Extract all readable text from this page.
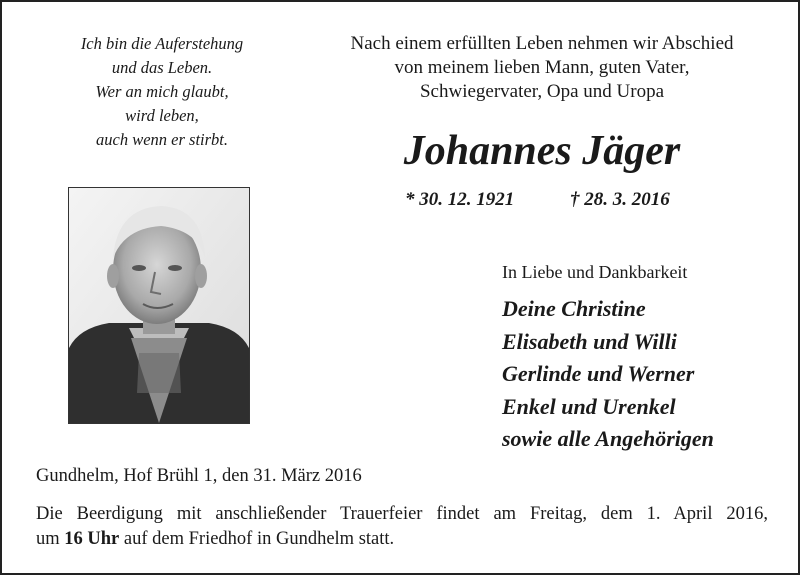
Ich bin die Auferstehung
und das Leben.
Wer an mich glaubt,
wird leben,
auch wenn er stirbt.
Nach einem erfüllten Leben nehmen wir Abschied
von meinem lieben Mann, guten Vater,
Schwiegervater, Opa und Uropa
Johannes Jäger
* 30. 12. 1921	† 28. 3. 2016
In Liebe und Dankbarkeit
Deine Christine
Elisabeth und Willi
Gerlinde und Werner
Enkel und Urenkel
sowie alle Angehörigen
Gundhelm, Hof Brühl 1, den 31. März 2016
Die Beerdigung mit anschließender Trauerfeier findet am Freitag, dem 1. April 2016,
um 16 Uhr auf dem Friedhof in Gundhelm statt.
